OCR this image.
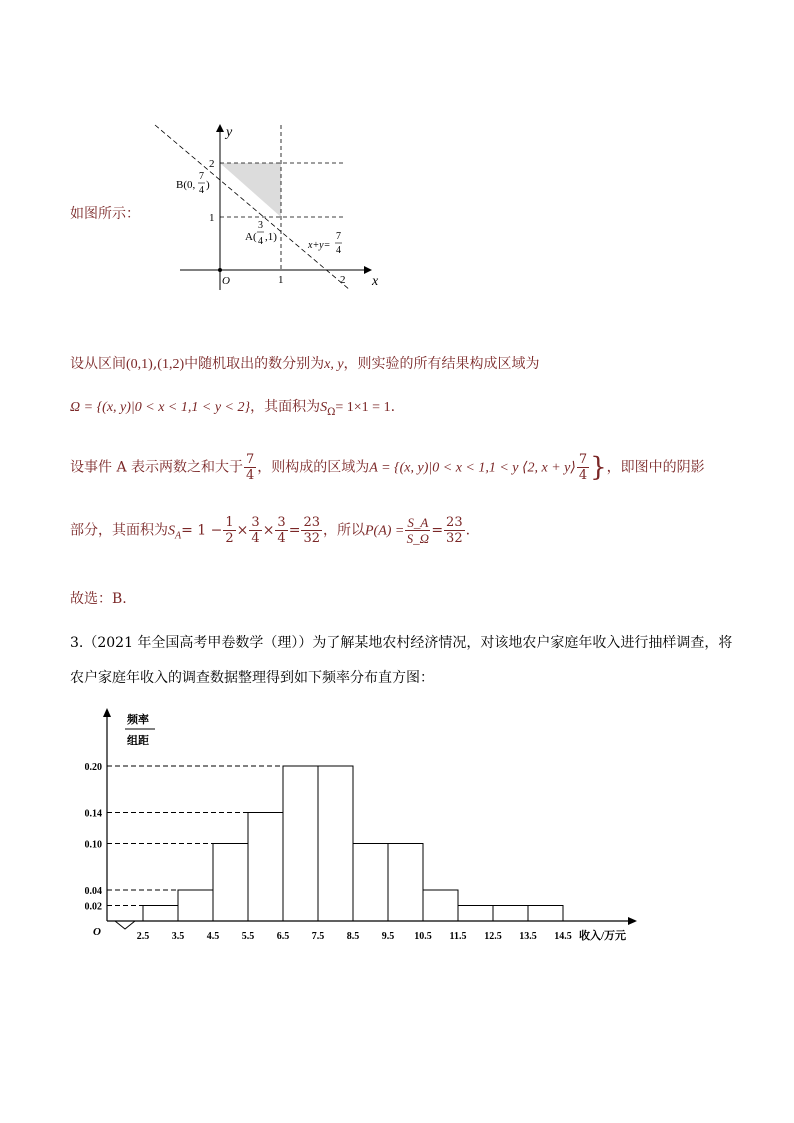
如图所示：
y
x
O
2
1
1	2
B(0,
7
4 )
A(
3
4 ,1)
x+y=
7
4
设从区间(0,1),(1,2)中随机取出的数分别为x, y，则实验的所有结果构成区域为
Ω = {(x, y)|0 < x < 1,1 < y < 2}，其面积为$S_\Omega= 1\times 1 = 1$.
设事件 A 表示两数之和大于 $\frac{7}{4}$ ，则构成的区域为A = {(x, y)|0 < x < 1,1 < y ⟨2, x + y⟩ $\frac{7}{4}$ }，即图中的阴影
部分，其面积为$S_A= 1 - \frac{1}{2} \times \frac{3}{4} \times \frac{3}{4} = \frac{23}{32}$ ，所以$P(A) = \frac{S\_A}{S\_\Omega} = \frac{23}{32}$ .
故选：B.
3.（2021 年全国高考甲卷数学（理））为了解某地农村经济情况，对该地农户家庭年收入进行抽样调查，将
农户家庭年收入的调查数据整理得到如下频率分布直方图：
0.20
0.14
0.10
0.04
0.02
2.5 3.5 4.5 5.5 6.5 7.5 8.5 9.5 10.5 11.5 12.5 13.5 14.5
O	收入/万元
频率
组距
